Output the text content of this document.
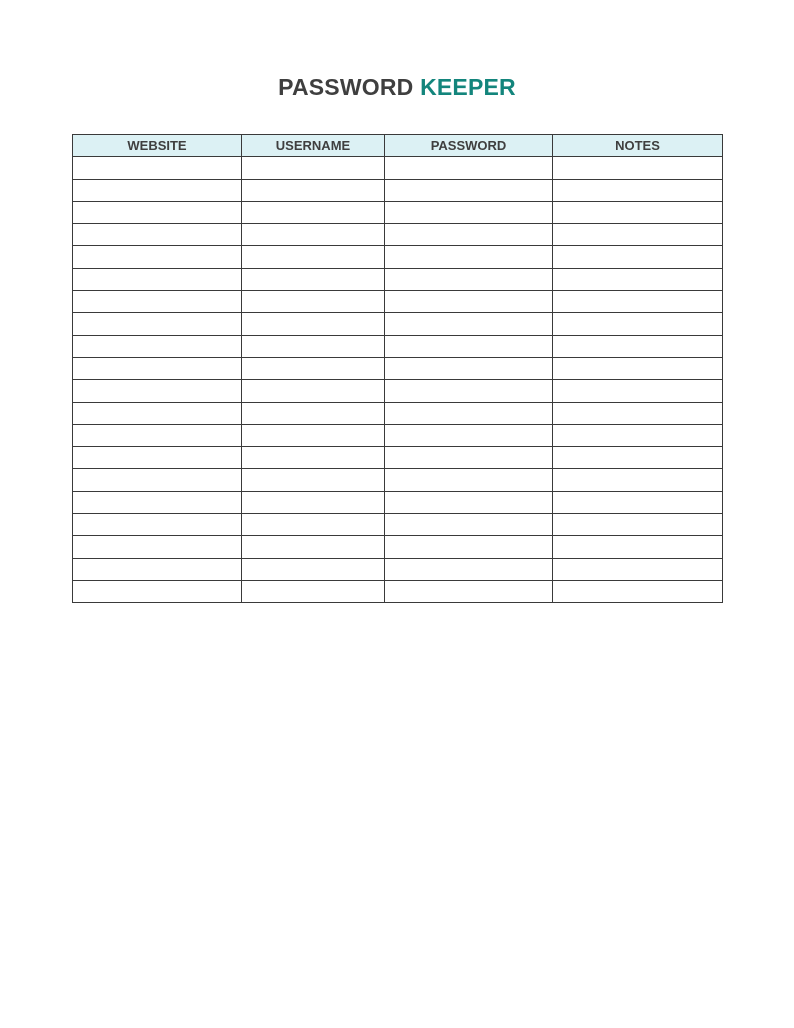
PASSWORD KEEPER
WEBSITE	USERNAME	PASSWORD	NOTES
